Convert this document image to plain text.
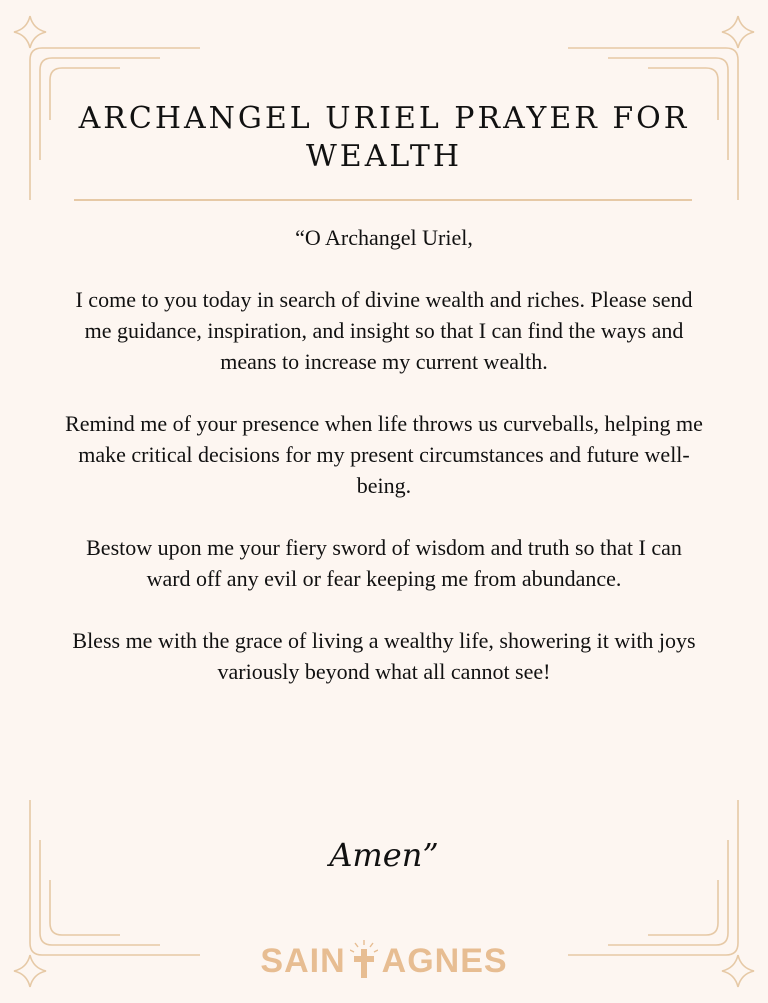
ARCHANGEL URIEL PRAYER FOR WEALTH

“O Archangel Uriel,

I come to you today in search of divine wealth and riches. Please send me guidance, inspiration, and insight so that I can find the ways and means to increase my current wealth.

Remind me of your presence when life throws us curveballs, helping me make critical decisions for my present circumstances and future well-being.

Bestow upon me your fiery sword of wisdom and truth so that I can ward off any evil or fear keeping me from abundance.

Bless me with the grace of living a wealthy life, showering it with joys variously beyond what all cannot see!

Amen”
SAIN AGNES
